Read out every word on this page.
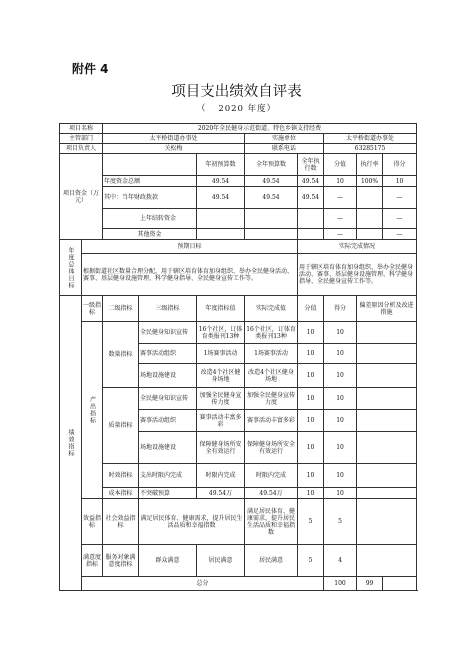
附件 4
项目支出绩效自评表
（ 2020 年度）
项目名称		2020年全民健身示范街道、特色乡镇支持经费							
主管部门		太平桥街道办事处			实施单位		太平桥街道办事处		
项目负责人		关松梅			联系电话		63285175		
项目资金（万元）				年初预算数	全年预算数	全年执行数	分值	执行率	得分
		年度资金总额		49.54	49.54	49.54	10	100%	10
		其中：当年财政拨款		49.54	49.54	49.54	—		—
		上年结转资金					—		—
		其他资金					—		—
年度总体目标	预期目标					实际完成情况			
	根据街道社区数量合理分配，用于辖区培育体育加身组织、举办全民健身活动、赛事、基层健身设施管理、科学健身指导、全民健身宣传工作等。					用于辖区培育体育加身组织、举办全民健身活动、赛事、基层健身设施管理、科学健身指导、全民健身宣传工作等。			
绩效指标	一级指标	二级指标	三级指标	年度指标值	实际完成值	分值	得分	偏差原因分析及改进措施	
	产出指标	数量指标	全民健身知识宣传	16个社区，订体育类报刊13种	16个社区，订体育类报刊13种	10	10		
			赛事活动组织	1场赛事活动	1场赛事活动	10	10		
			场地设施建设	改造4个社区健身场地	改造4个社区健身场地	10	10		
		质量指标	全民健身知识宣传	加强全民健身宣传力度	加强全民健身宣传力度	10	10		
			赛事活动组织	赛事活动丰富多彩	赛事活动丰富多彩	10	10		
			场地设施建设	保障健身场所安全有效运行	保障健身场所安全有效运行	10	10		
		时效指标	支出时限内完成	时限内完成	时限内完成	10	10		
		成本指标	不突破预算	49.54万	49.54万	10	10		
	效益指标	社会效益指标	满足居民体育、健康需求，提升居民生活品质和幸福指数		满足居民体育、健康需求，提升居民生活品质和幸福指数	5	5		
	满意度指标	服务对象满意度指标	群众满意	居民满意	居民满意	5	4		
	总分						100	99	
